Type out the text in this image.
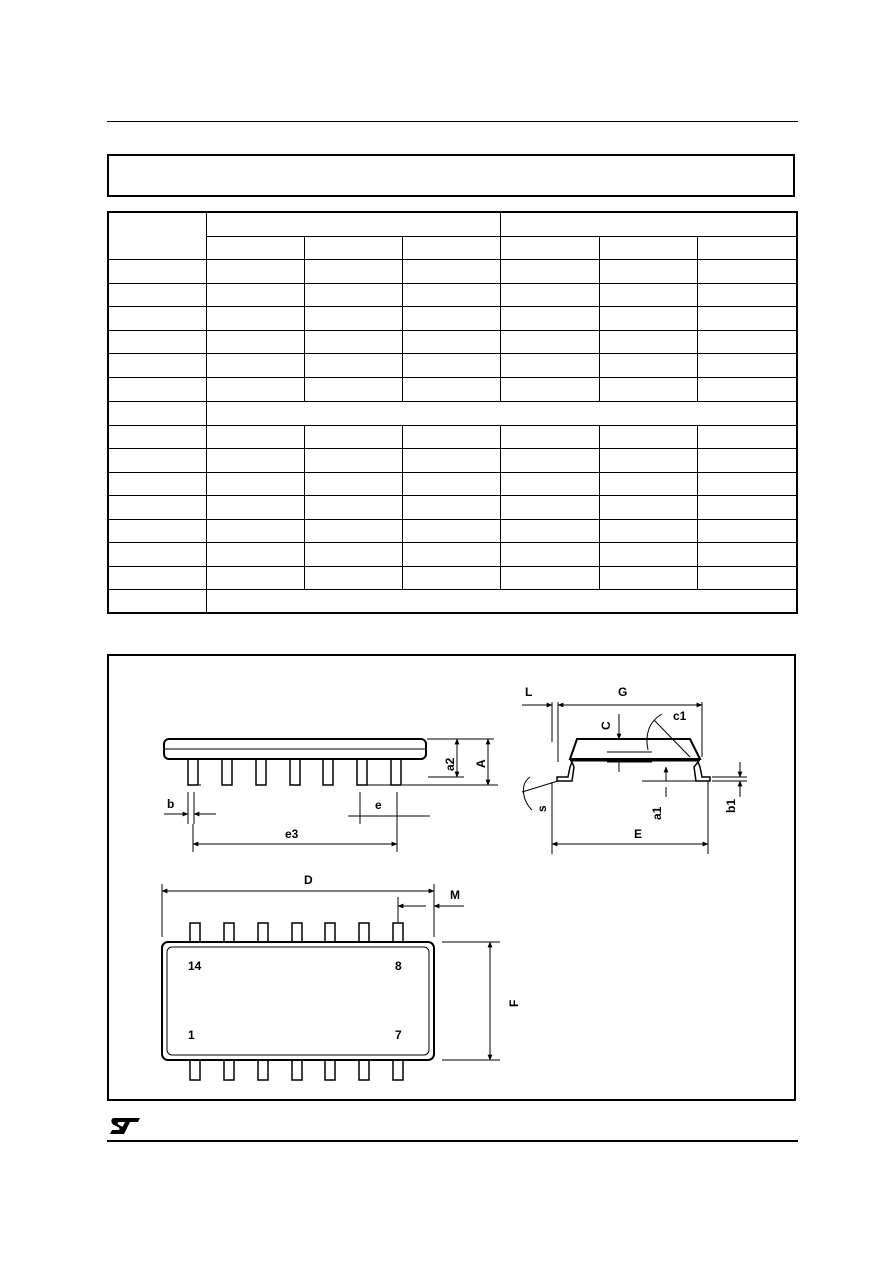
L	G
c1
C
a2 A
b	e
e3
s	a1
b1
E
D
M
F
14	8
1	7
